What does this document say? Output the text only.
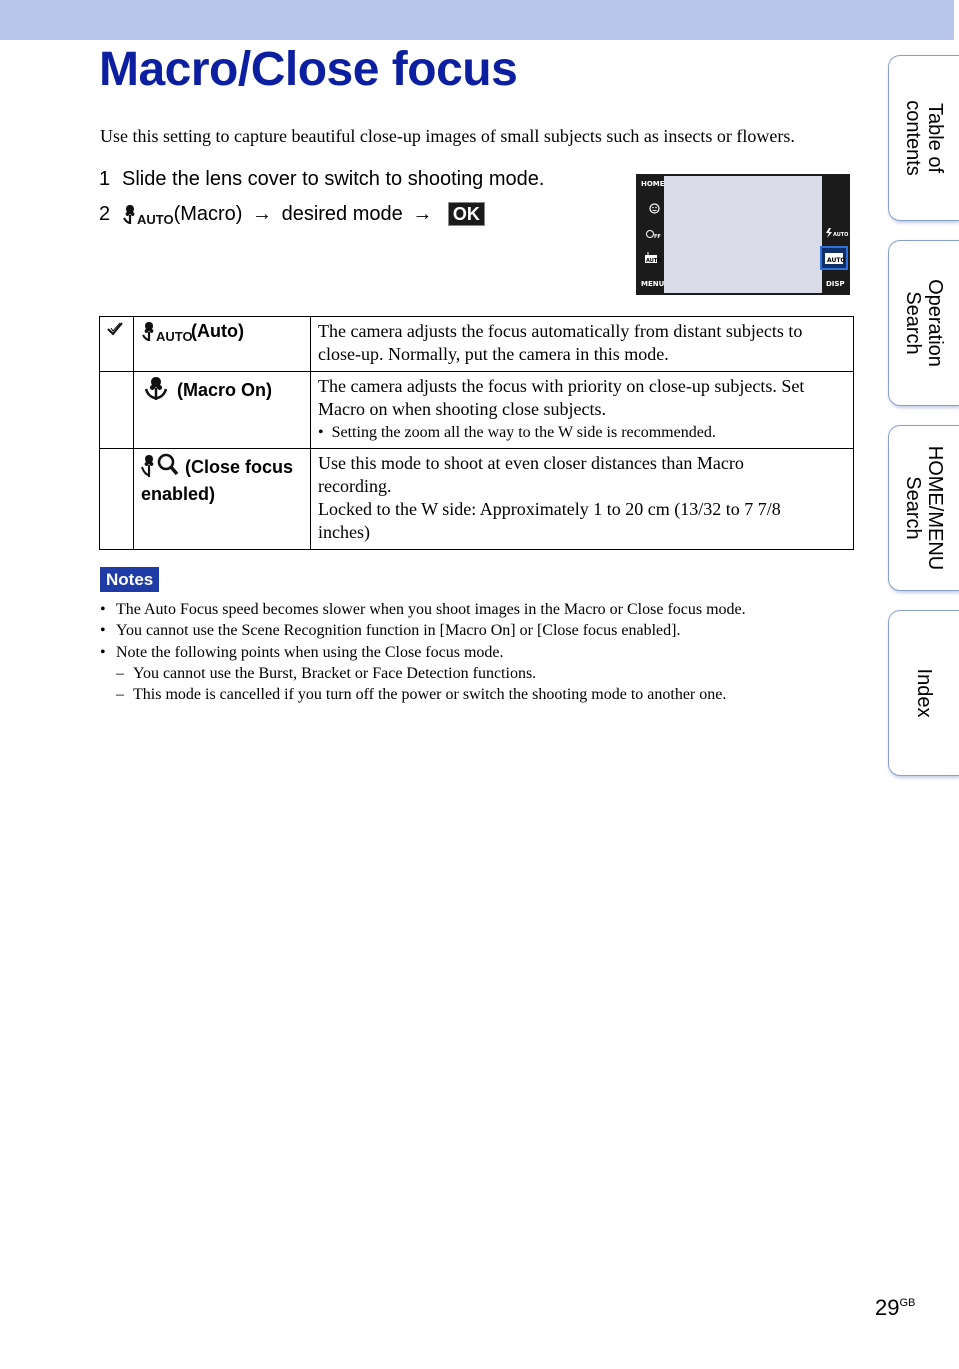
Macro/Close focus

Use this setting to capture beautiful close-up images of small subjects such as insects or flowers.

1 Slide the lens cover to switch to shooting mode.
2 AUTO (Macro) → desired mode → OK
HOME
FF
AUTO
MENU
AUTO
AUTO
DISP

AUTO
(Auto)	The camera adjusts the focus automatically from distant subjects to close-up. Normally, put the camera in this mode.

	(Macro On)	The camera adjusts the focus with priority on close-up subjects. Set Macro on when shooting close subjects.
•  Setting the zoom all the way to the W side is recommended.

	(Close focus enabled)	Use this mode to shoot at even closer distances than Macro recording.
Locked to the W side: Approximately 1 to 20 cm (13/32 to 7 7/8 inches)
Notes
• The Auto Focus speed becomes slower when you shoot images in the Macro or Close focus mode.
• You cannot use the Scene Recognition function in [Macro On] or [Close focus enabled].
• Note the following points when using the Close focus mode.
– You cannot use the Burst, Bracket or Face Detection functions.
– This mode is cancelled if you turn off the power or switch the shooting mode to another one.
Table of
contents
Operation
Search
HOME/MENU
Search
Index
$29^{GB}$
